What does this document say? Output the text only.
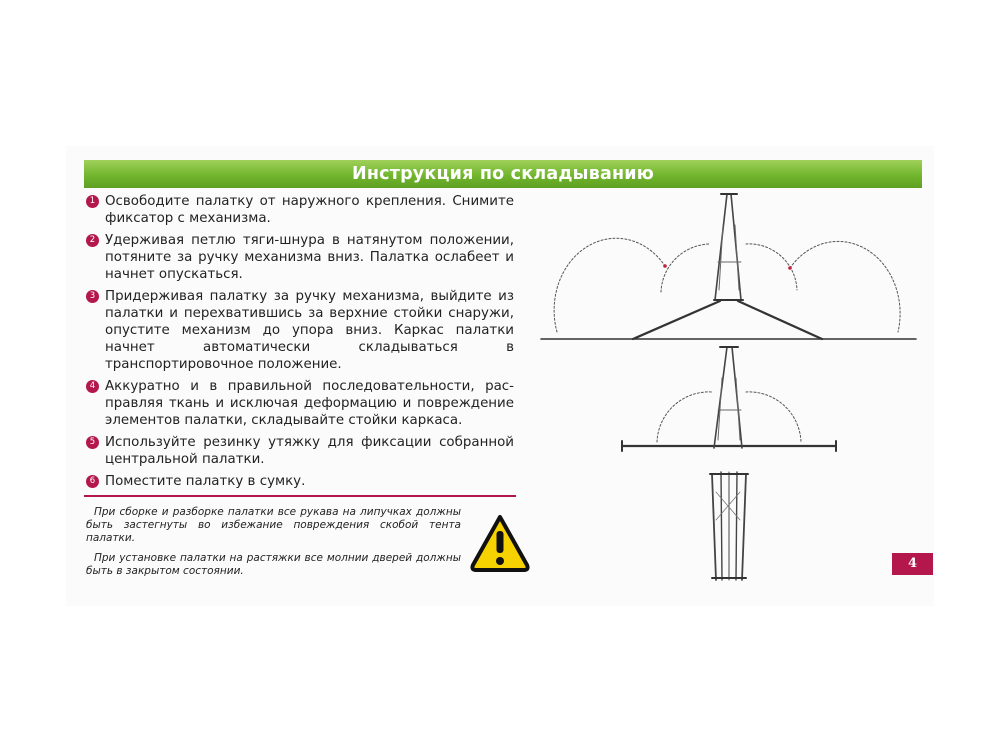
Инструкция по складыванию
1 Освободите палатку от наружного крепления. Снимите фиксатор с механизма.
2 Удерживая петлю тяги-шнура в натянутом положении, потяните за ручку механизма вниз. Палатка ослабеет и начнет опускаться.
3 Придерживая палатку за ручку механизма, выйдите из палатки и перехватившись за верхние стойки снаружи, опустите механизм до упора вниз. Каркас палатки начнет автоматически складываться в транспортировочное положение.
4 Аккуратно и в правильной последовательности, расправляя ткань и исключая деформацию и повреждение элементов палатки, складывайте стойки каркаса.
5 Используйте резинку утяжку для фиксации собранной центральной палатки.
6 Поместите палатку в сумку.

При сборке и разборке палатки все рукава на липучках должны быть застегнуты во избежание повреждения скобой тента палатки.

При установке палатки на растяжки все молнии дверей должны быть в закрытом состоянии.	4
